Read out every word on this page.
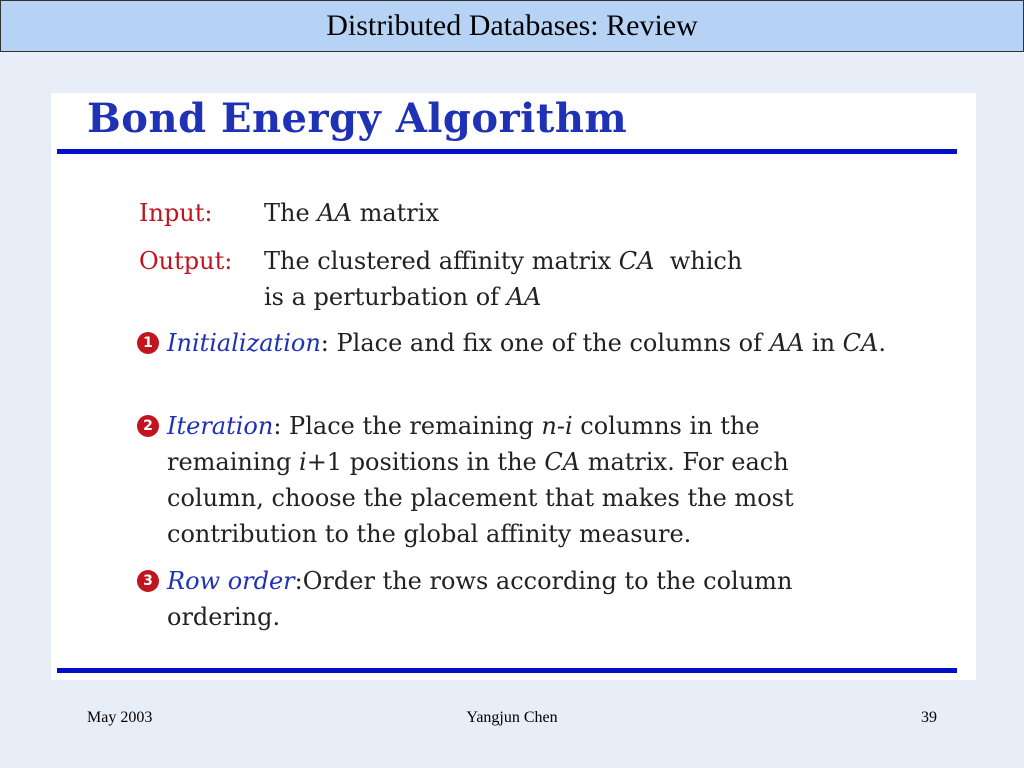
Distributed Databases: Review
Bond Energy Algorithm
Input:	The AA matrix
Output:	The clustered affinity matrix CA  which
is a perturbation of AA
1 Initialization: Place and fix one of the columns of AA in CA.
2 Iteration: Place the remaining n-i columns in the remaining i+1 positions in the CA matrix. For each column, choose the placement that makes the most contribution to the global affinity measure.
3 Row order:Order the rows according to the column ordering.
May 2003	Yangjun Chen	39
